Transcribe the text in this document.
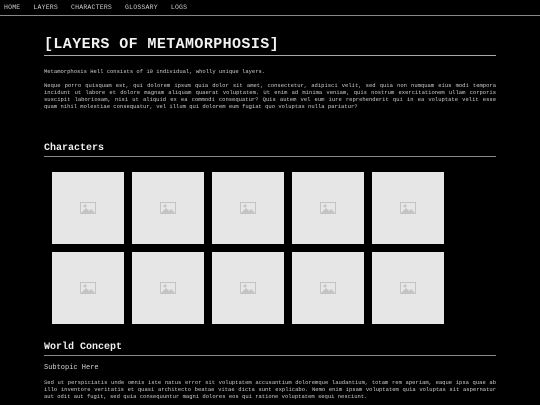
HOME LAYERS CHARACTERS GLOSSARY LOGS
[LAYERS OF METAMORPHOSIS]

Metamorphosis Hell consists of 10 individual, wholly unique layers.

Neque porro quisquam est, qui dolorem ipsum quia dolor sit amet, consectetur, adipisci velit, sed quia non numquam eius modi tempora incidunt ut labore et dolore magnam aliquam quaerat voluptatem. Ut enim ad minima veniam, quis nostrum exercitationem ullam corporis suscipit laboriosam, nisi ut aliquid ex ea commodi consequatur? Quis autem vel eum iure reprehenderit qui in ea voluptate velit esse quam nihil molestiae consequatur, vel illum qui dolorem eum fugiat quo voluptas nulla pariatur?

Characters
World Concept
Subtopic Here

Sed ut perspiciatis unde omnis iste natus error sit voluptatem accusantium doloremque laudantium, totam rem aperiam, eaque ipsa quae ab illo inventore veritatis et quasi architecto beatae vitae dicta sunt explicabo. Nemo enim ipsam voluptatem quia voluptas sit aspernatur aut odit aut fugit, sed quia consequuntur magni dolores eos qui ratione voluptatem sequi nesciunt.
